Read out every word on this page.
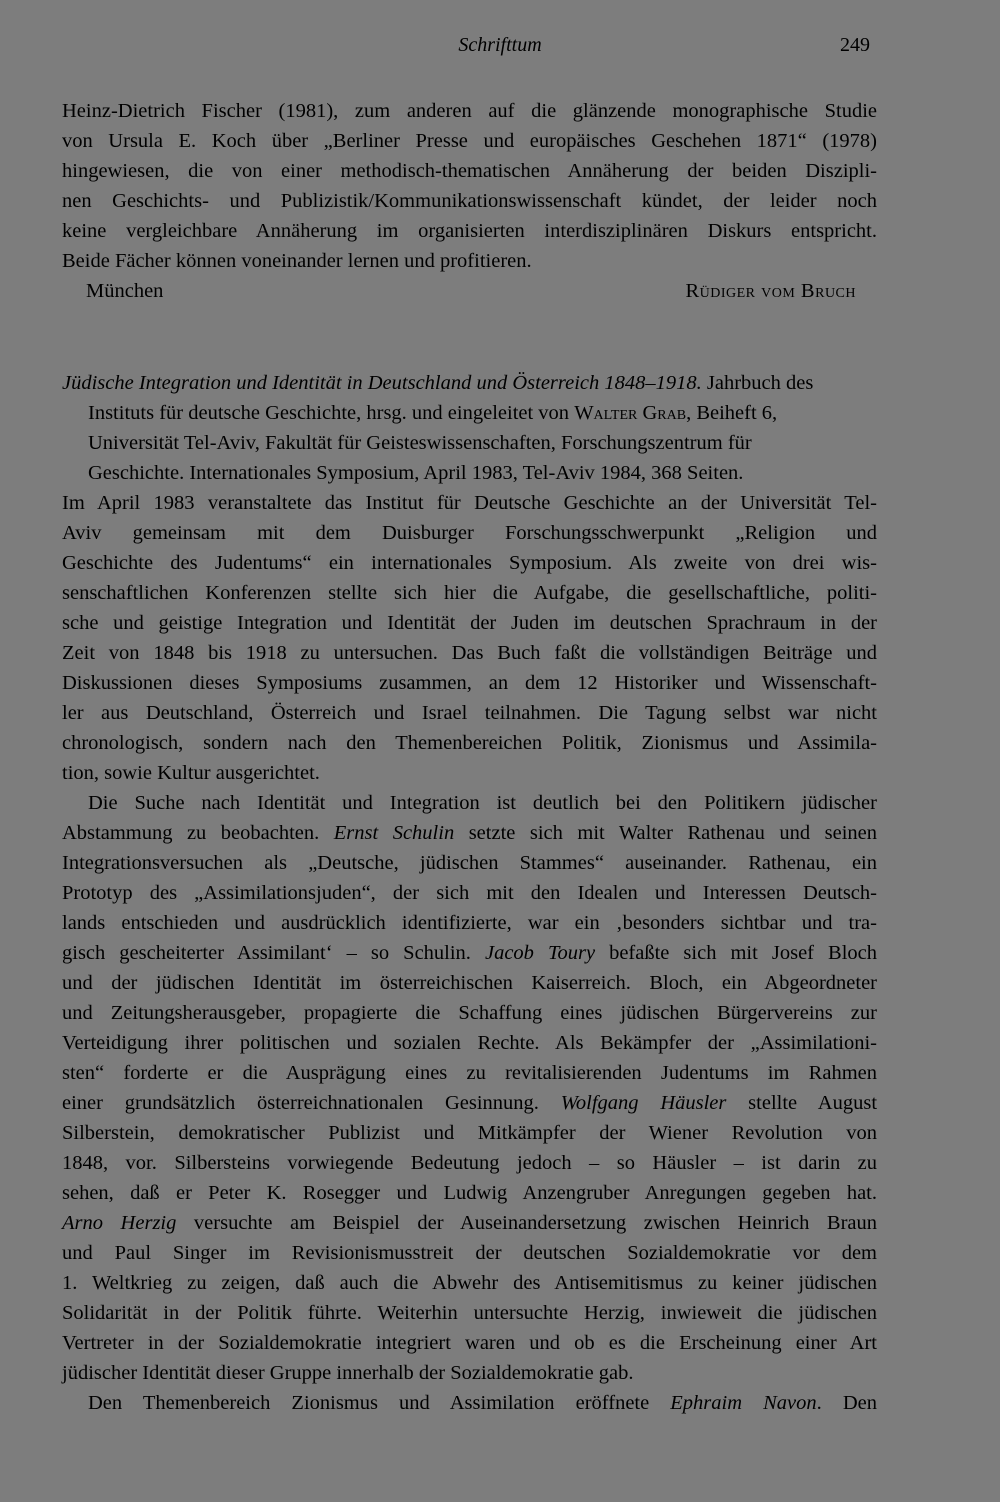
Schrifttum	249
Heinz-Dietrich Fischer (1981), zum anderen auf die glänzende monographische Studie
von Ursula E. Koch über „Berliner Presse und europäisches Geschehen 1871“ (1978)
hingewiesen, die von einer methodisch-thematischen Annäherung der beiden Diszipli-
nen Geschichts- und Publizistik/Kommunikationswissenschaft kündet, der leider noch
keine vergleichbare Annäherung im organisierten interdisziplinären Diskurs entspricht.
Beide Fächer können voneinander lernen und profitieren.
München	Rüdiger vom Bruch
Jüdische Integration und Identität in Deutschland und Österreich 1848–1918. Jahrbuch des
Instituts für deutsche Geschichte, hrsg. und eingeleitet von Walter Grab, Beiheft 6,
Universität Tel-Aviv, Fakultät für Geisteswissenschaften, Forschungszentrum für
Geschichte. Internationales Symposium, April 1983, Tel-Aviv 1984, 368 Seiten.
Im April 1983 veranstaltete das Institut für Deutsche Geschichte an der Universität Tel-
Aviv gemeinsam mit dem Duisburger Forschungsschwerpunkt „Religion und
Geschichte des Judentums“ ein internationales Symposium. Als zweite von drei wis-
senschaftlichen Konferenzen stellte sich hier die Aufgabe, die gesellschaftliche, politi-
sche und geistige Integration und Identität der Juden im deutschen Sprachraum in der
Zeit von 1848 bis 1918 zu untersuchen. Das Buch faßt die vollständigen Beiträge und
Diskussionen dieses Symposiums zusammen, an dem 12 Historiker und Wissenschaft-
ler aus Deutschland, Österreich und Israel teilnahmen. Die Tagung selbst war nicht
chronologisch, sondern nach den Themenbereichen Politik, Zionismus und Assimila-
tion, sowie Kultur ausgerichtet.
Die Suche nach Identität und Integration ist deutlich bei den Politikern jüdischer
Abstammung zu beobachten. Ernst Schulin setzte sich mit Walter Rathenau und seinen
Integrationsversuchen als „Deutsche, jüdischen Stammes“ auseinander. Rathenau, ein
Prototyp des „Assimilationsjuden“, der sich mit den Idealen und Interessen Deutsch-
lands entschieden und ausdrücklich identifizierte, war ein ‚besonders sichtbar und tra-
gisch gescheiterter Assimilant‘ – so Schulin. Jacob Toury befaßte sich mit Josef Bloch
und der jüdischen Identität im österreichischen Kaiserreich. Bloch, ein Abgeordneter
und Zeitungsherausgeber, propagierte die Schaffung eines jüdischen Bürgervereins zur
Verteidigung ihrer politischen und sozialen Rechte. Als Bekämpfer der „Assimilationi-
sten“ forderte er die Ausprägung eines zu revitalisierenden Judentums im Rahmen
einer grundsätzlich österreichnationalen Gesinnung. Wolfgang Häusler stellte August
Silberstein, demokratischer Publizist und Mitkämpfer der Wiener Revolution von
1848, vor. Silbersteins vorwiegende Bedeutung jedoch – so Häusler – ist darin zu
sehen, daß er Peter K. Rosegger und Ludwig Anzengruber Anregungen gegeben hat.
Arno Herzig versuchte am Beispiel der Auseinandersetzung zwischen Heinrich Braun
und Paul Singer im Revisionismusstreit der deutschen Sozialdemokratie vor dem
1. Weltkrieg zu zeigen, daß auch die Abwehr des Antisemitismus zu keiner jüdischen
Solidarität in der Politik führte. Weiterhin untersuchte Herzig, inwieweit die jüdischen
Vertreter in der Sozialdemokratie integriert waren und ob es die Erscheinung einer Art
jüdischer Identität dieser Gruppe innerhalb der Sozialdemokratie gab.
Den Themenbereich Zionismus und Assimilation eröffnete Ephraim Navon. Den
